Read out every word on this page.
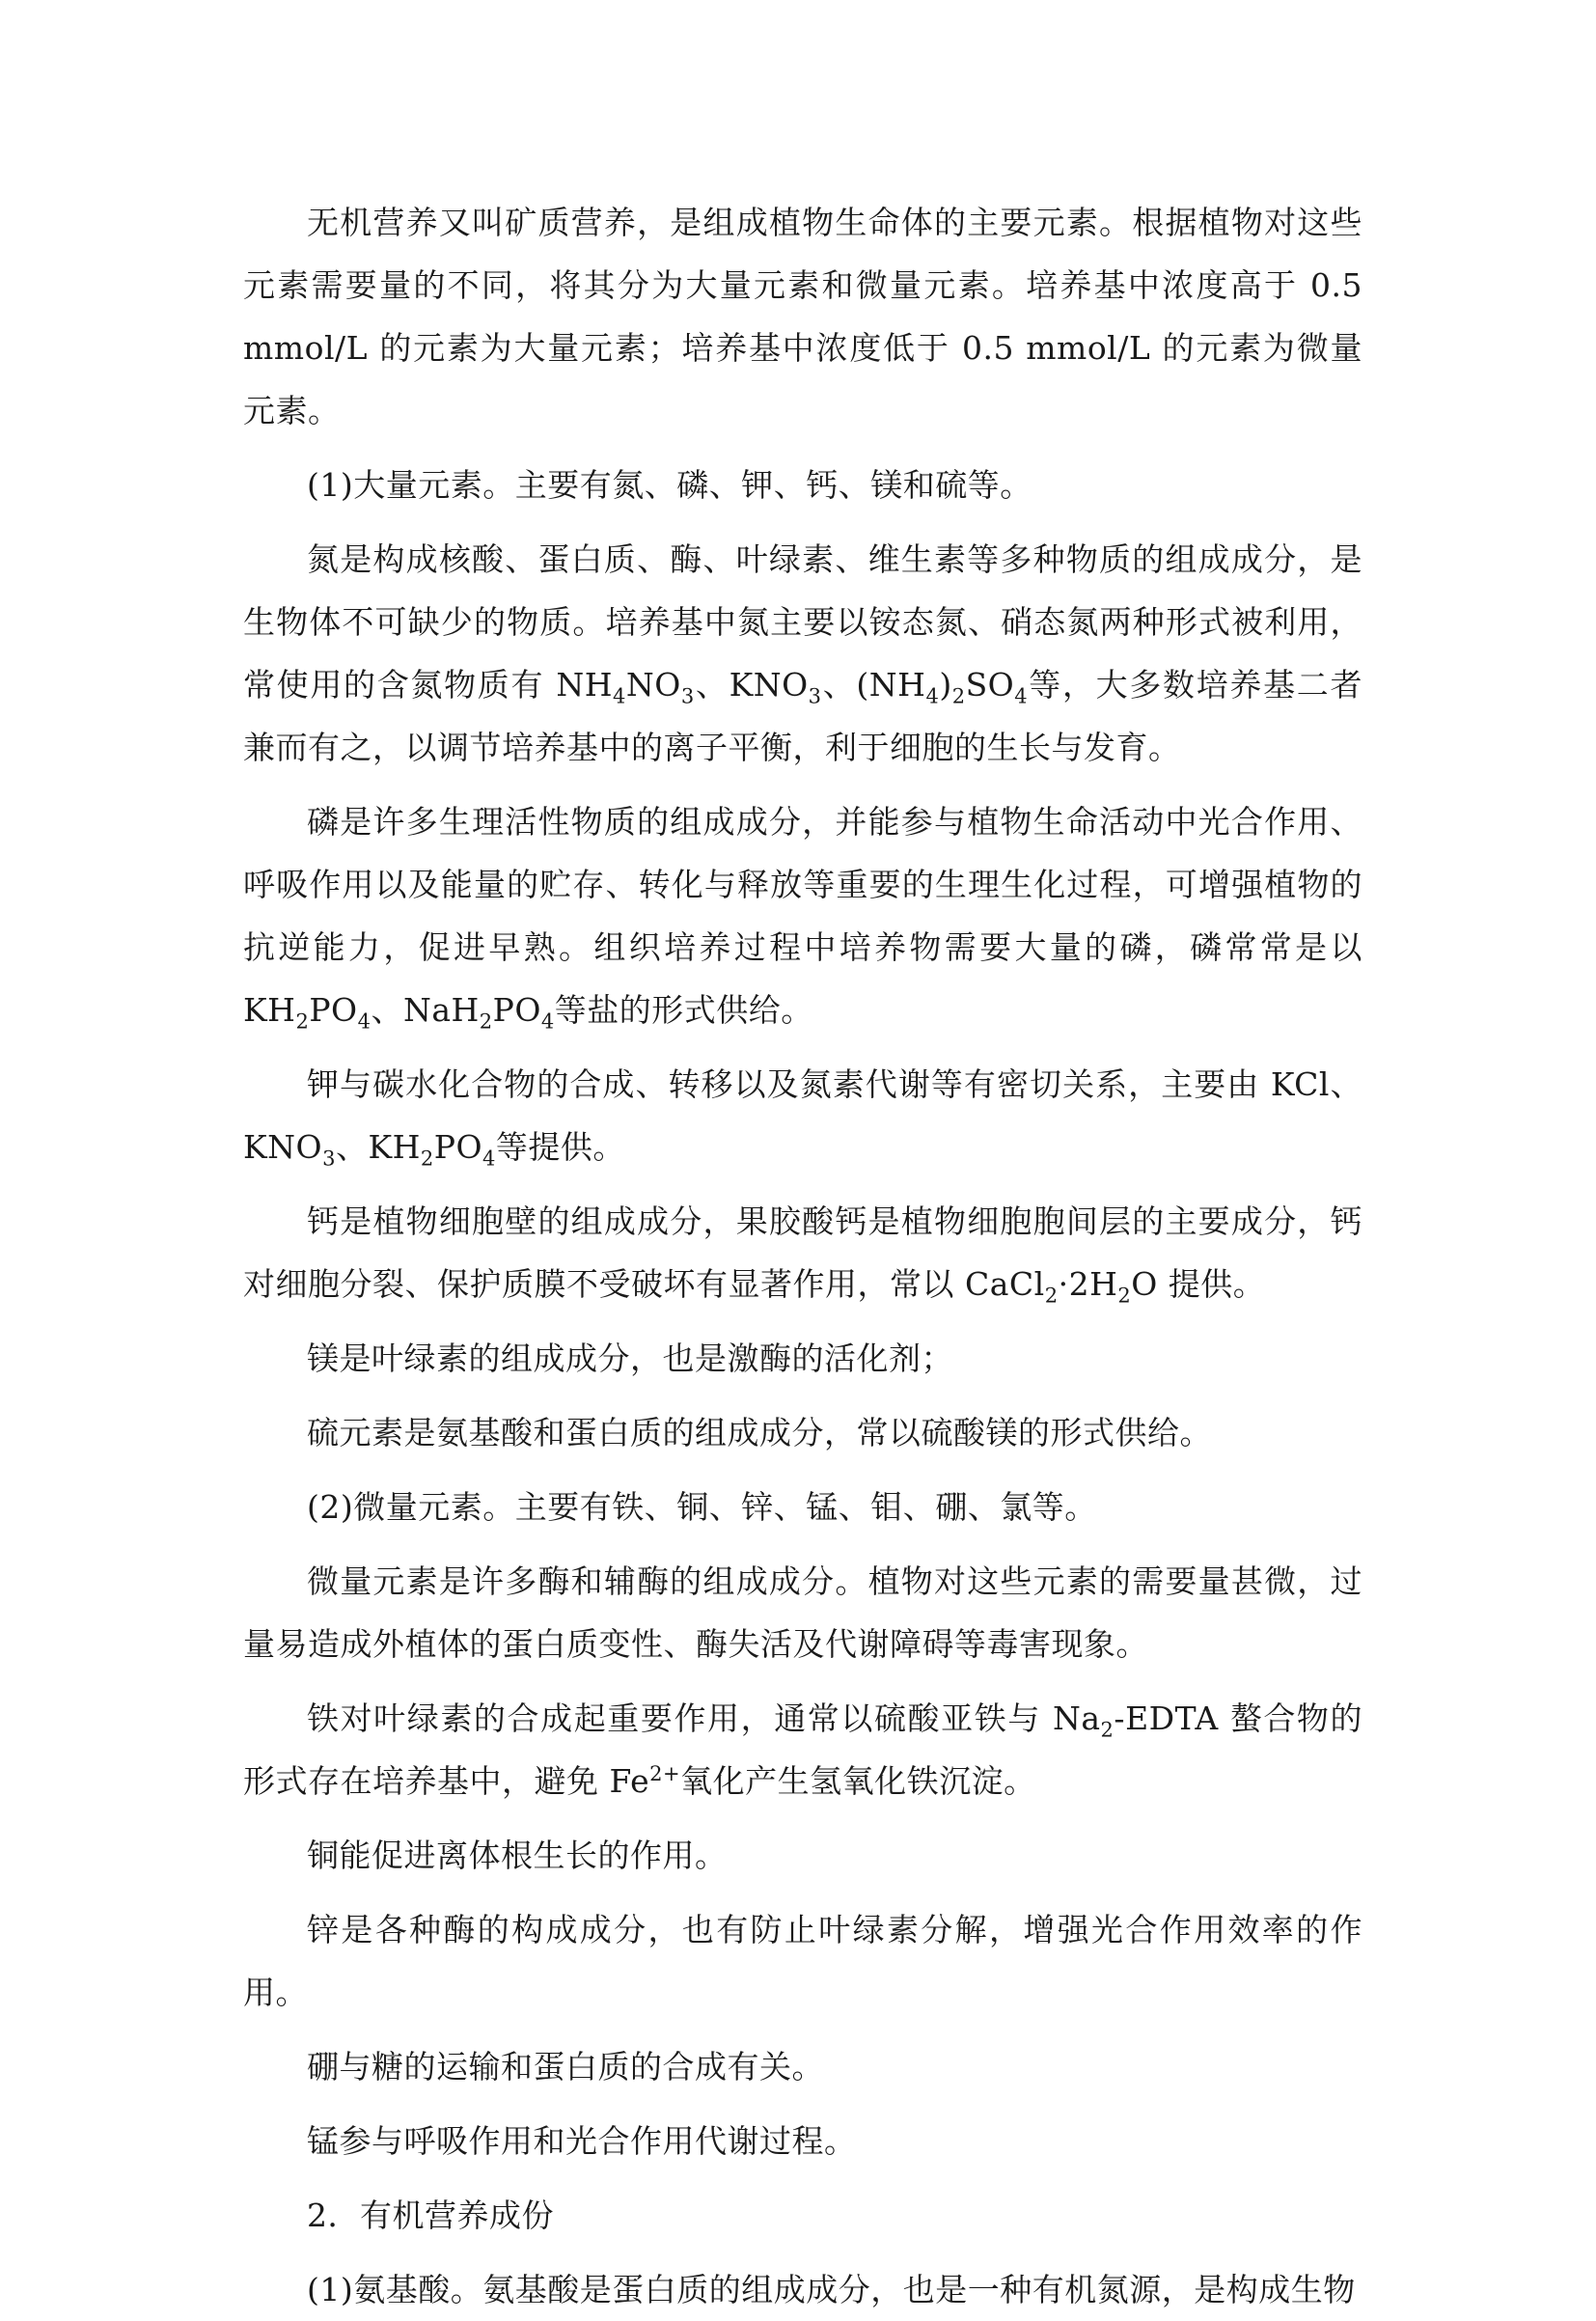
无机营养又叫矿质营养，是组成植物生命体的主要元素。根据植物对这些元素需要量的不同，将其分为大量元素和微量元素。培养基中浓度高于 0.5 mmol/L 的元素为大量元素；培养基中浓度低于 0.5 mmol/L 的元素为微量元素。

(1)大量元素。主要有氮、磷、钾、钙、镁和硫等。

氮是构成核酸、蛋白质、酶、叶绿素、维生素等多种物质的组成成分，是生物体不可缺少的物质。培养基中氮主要以铵态氮、硝态氮两种形式被利用，常使用的含氮物质有 $NH_4NO_3$、$KNO_3$、$(NH_4)_2SO_4$等，大多数培养基二者兼而有之，以调节培养基中的离子平衡，利于细胞的生长与发育。

磷是许多生理活性物质的组成成分，并能参与植物生命活动中光合作用、呼吸作用以及能量的贮存、转化与释放等重要的生理生化过程，可增强植物的抗逆能力，促进早熟。组织培养过程中培养物需要大量的磷，磷常常是以 $KH_2PO_4$、$NaH_2PO_4$等盐的形式供给。

钾与碳水化合物的合成、转移以及氮素代谢等有密切关系，主要由 KCl、$KNO_3$、$KH_2PO_4$等提供。

钙是植物细胞壁的组成成分，果胶酸钙是植物细胞胞间层的主要成分，钙对细胞分裂、保护质膜不受破坏有显著作用，常以 $CaCl_2\cdot 2H_2O$ 提供。

镁是叶绿素的组成成分，也是激酶的活化剂；

硫元素是氨基酸和蛋白质的组成成分，常以硫酸镁的形式供给。

(2)微量元素。主要有铁、铜、锌、锰、钼、硼、氯等。

微量元素是许多酶和辅酶的组成成分。植物对这些元素的需要量甚微，过量易造成外植体的蛋白质变性、酶失活及代谢障碍等毒害现象。

铁对叶绿素的合成起重要作用，通常以硫酸亚铁与 $Na_2$-EDTA 螯合物的形式存在培养基中，避免 $Fe^{2+}$氧化产生氢氧化铁沉淀。

铜能促进离体根生长的作用。

锌是各种酶的构成成分，也有防止叶绿素分解，增强光合作用效率的作用。

硼与糖的运输和蛋白质的合成有关。

锰参与呼吸作用和光合作用代谢过程。

2．有机营养成份

(1)氨基酸。氨基酸是蛋白质的组成成分，也是一种有机氮源，是构成生物
